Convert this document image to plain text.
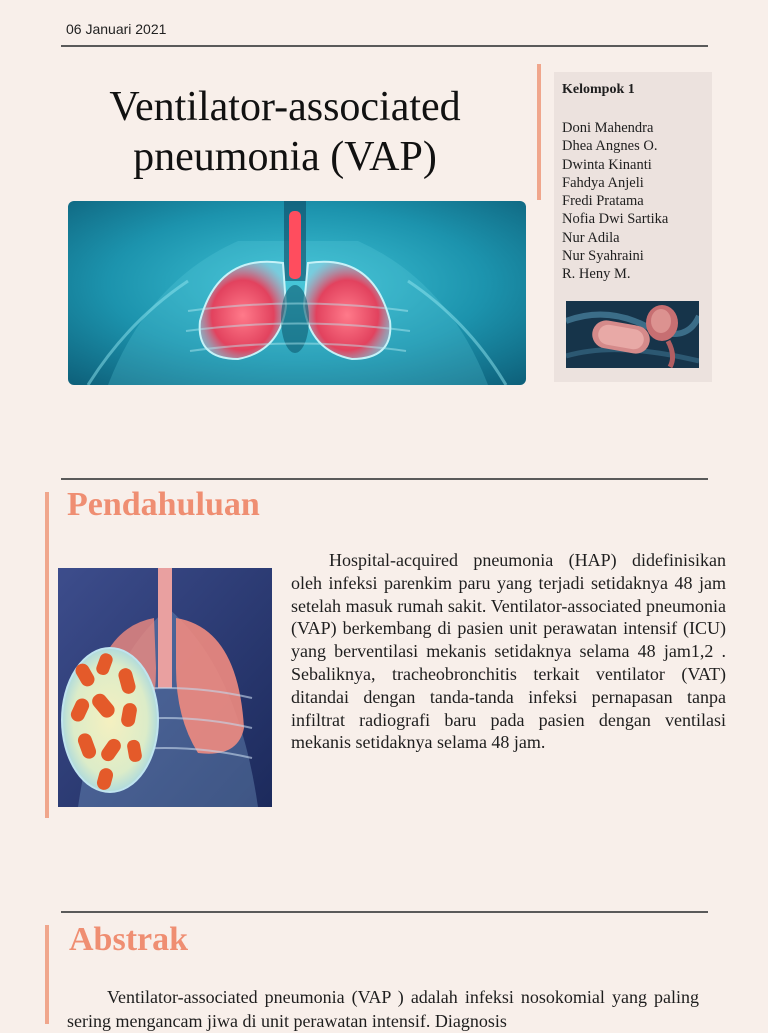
06 Januari 2021
Ventilator-associated
pneumonia (VAP)
Kelompok 1
Doni Mahendra
Dhea Angnes O.
Dwinta Kinanti
Fahdya Anjeli
Fredi Pratama
Nofia Dwi Sartika
Nur Adila
Nur Syahraini
R. Heny M.
Pendahuluan

Hospital-acquired pneumonia (HAP) didefinisikan oleh infeksi parenkim paru yang terjadi setidaknya 48 jam setelah masuk rumah sakit. Ventilator-associated pneumonia (VAP) berkembang di pasien unit perawatan intensif (ICU) yang berventilasi mekanis setidaknya selama 48 jam1,2 . Sebaliknya, tracheobronchitis terkait ventilator (VAT) ditandai dengan tanda-tanda infeksi pernapasan tanpa infiltrat radiografi baru pada pasien dengan ventilasi mekanis setidaknya selama 48 jam.

Abstrak

Ventilator-associated pneumonia (VAP ) adalah infeksi nosokomial yang paling sering mengancam jiwa di unit perawatan intensif. Diagnosis
